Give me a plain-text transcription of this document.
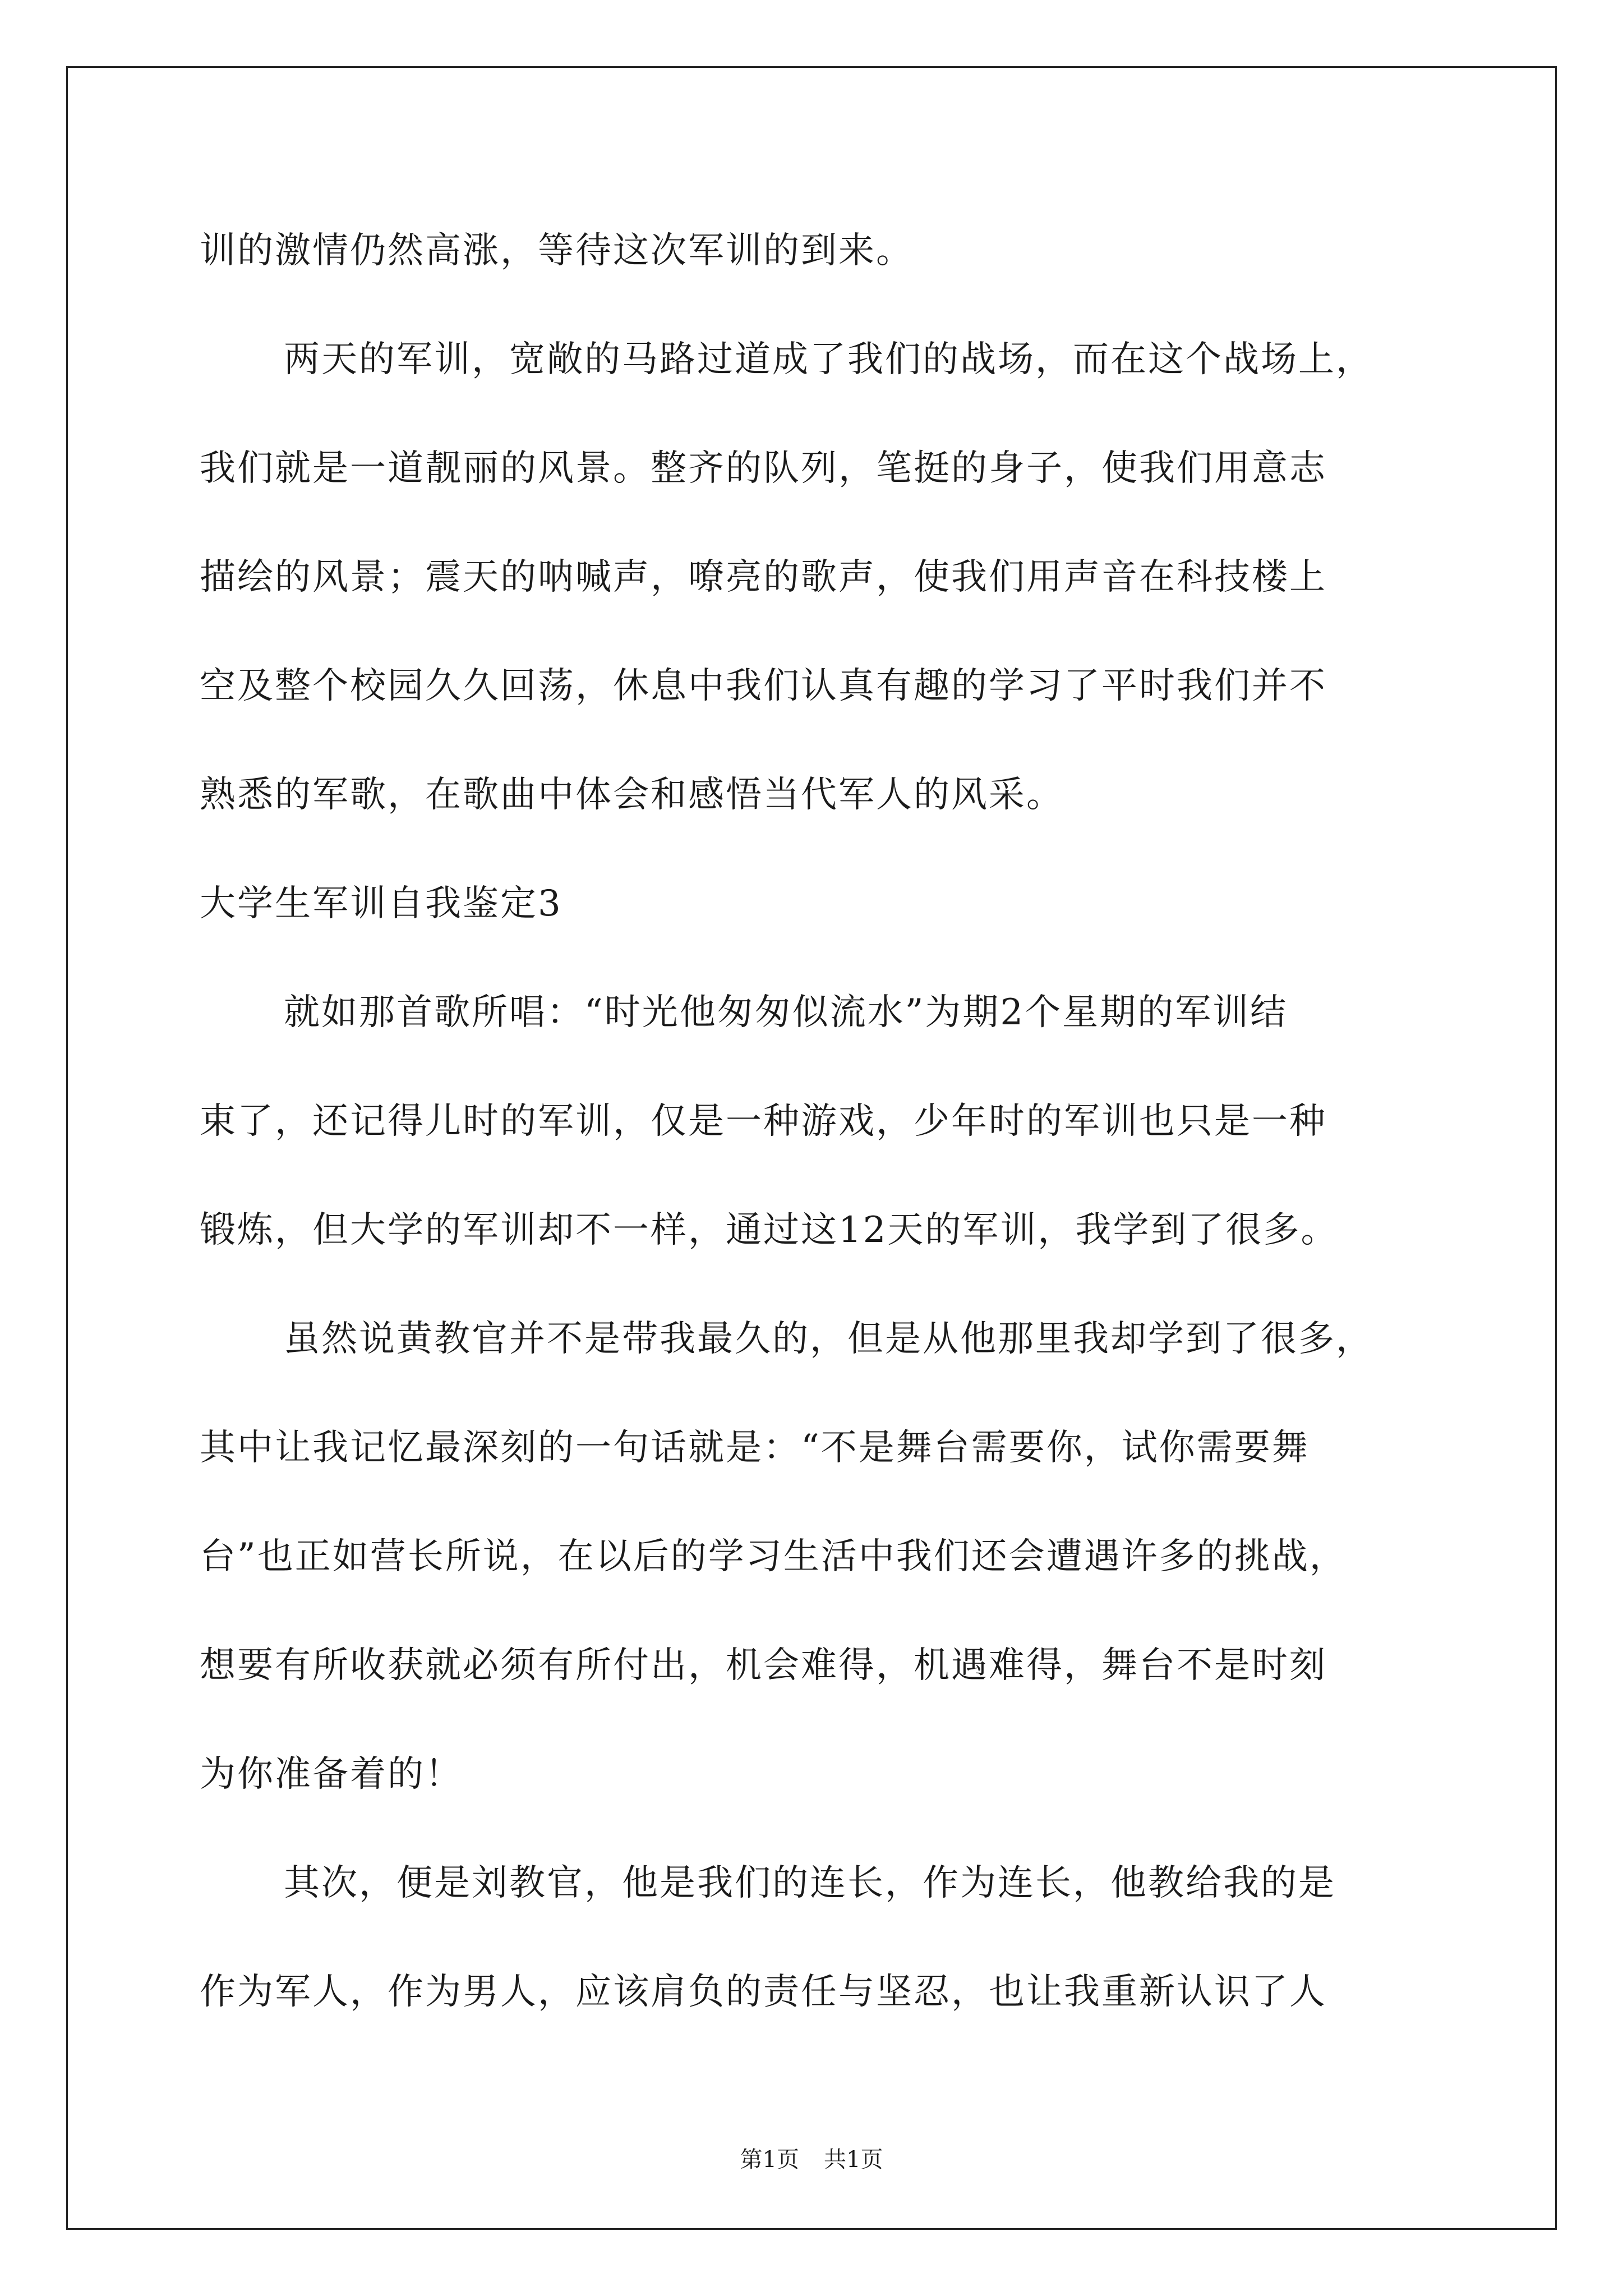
训的激情仍然高涨，等待这次军训的到来。
两天的军训，宽敞的马路过道成了我们的战场，而在这个战场上，
我们就是一道靓丽的风景。整齐的队列，笔挺的身子，使我们用意志
描绘的风景；震天的呐喊声，嘹亮的歌声，使我们用声音在科技楼上
空及整个校园久久回荡，休息中我们认真有趣的学习了平时我们并不
熟悉的军歌，在歌曲中体会和感悟当代军人的风采。
大学生军训自我鉴定3
就如那首歌所唱：“时光他匆匆似流水”为期2个星期的军训结
束了，还记得儿时的军训，仅是一种游戏，少年时的军训也只是一种
锻炼，但大学的军训却不一样，通过这12天的军训，我学到了很多。
虽然说黄教官并不是带我最久的，但是从他那里我却学到了很多，
其中让我记忆最深刻的一句话就是：“不是舞台需要你，试你需要舞
台”也正如营长所说，在以后的学习生活中我们还会遭遇许多的挑战，
想要有所收获就必须有所付出，机会难得，机遇难得，舞台不是时刻
为你准备着的！
其次，便是刘教官，他是我们的连长，作为连长，他教给我的是
作为军人，作为男人，应该肩负的责任与坚忍，也让我重新认识了人
第1页 共1页
